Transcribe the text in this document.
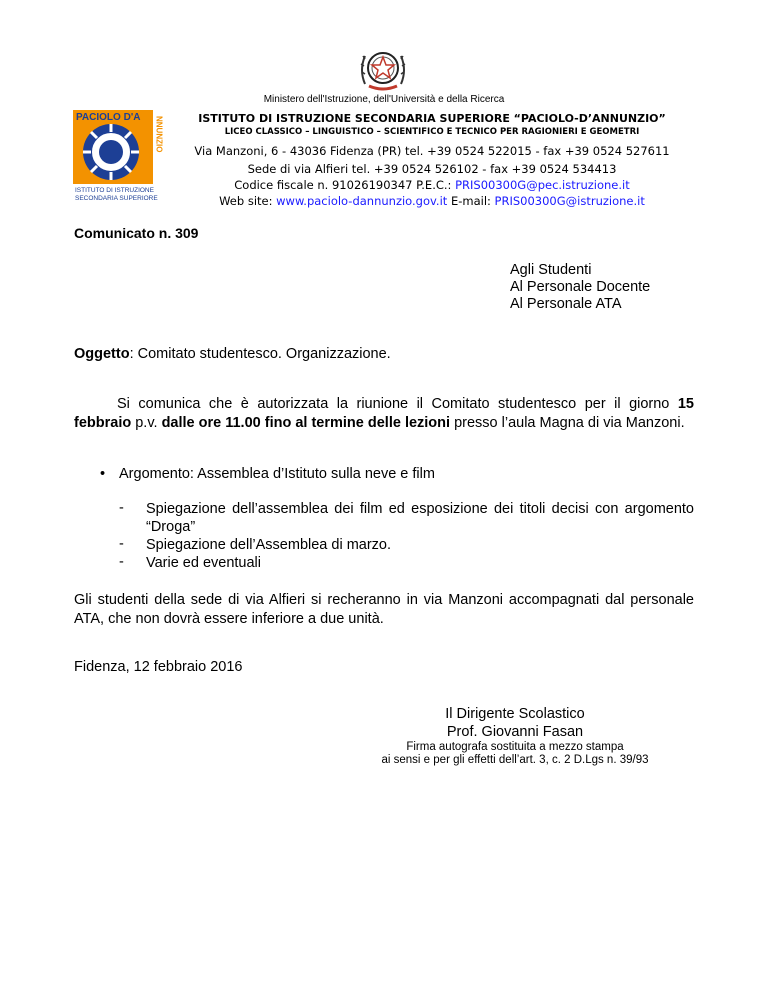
Ministero dell'Istruzione, dell'Università e della Ricerca
PACIOLO D'A NNUNZIO
ISTITUTO DI ISTRUZIONE
SECONDARIA SUPERIORE
ISTITUTO DI ISTRUZIONE SECONDARIA SUPERIORE “PACIOLO-D’ANNUNZIO”
LICEO CLASSICO – LINGUISTICO – SCIENTIFICO E TECNICO PER RAGIONIERI E GEOMETRI
Via Manzoni, 6 - 43036 Fidenza (PR) tel. +39 0524 522015 - fax +39 0524 527611
Sede di via Alfieri tel. +39 0524 526102 - fax +39 0524 534413
Codice fiscale n. 91026190347 P.E.C.: PRIS00300G@pec.istruzione.it
Web site: www.paciolo-dannunzio.gov.it E-mail: PRIS00300G@istruzione.it
Comunicato n. 309
Agli Studenti
Al Personale Docente
Al Personale ATA
Oggetto: Comitato studentesco. Organizzazione.
Si comunica che è autorizzata la riunione il Comitato studentesco per il giorno 15 febbraio p.v. dalle ore 11.00 fino al termine delle lezioni presso l’aula Magna di via Manzoni.
• Argomento: Assemblea d’Istituto sulla neve e film
- Spiegazione dell’assemblea dei film ed esposizione dei titoli decisi con argomento “Droga”
- Spiegazione dell’Assemblea di marzo.
- Varie ed eventuali
Gli studenti della sede di via Alfieri si recheranno in via Manzoni accompagnati dal personale ATA, che non dovrà essere inferiore a due unità.
Fidenza, 12 febbraio 2016
Il Dirigente Scolastico
Prof. Giovanni Fasan
Firma autografa sostituita a mezzo stampa
ai sensi e per gli effetti dell’art. 3, c. 2 D.Lgs n. 39/93
